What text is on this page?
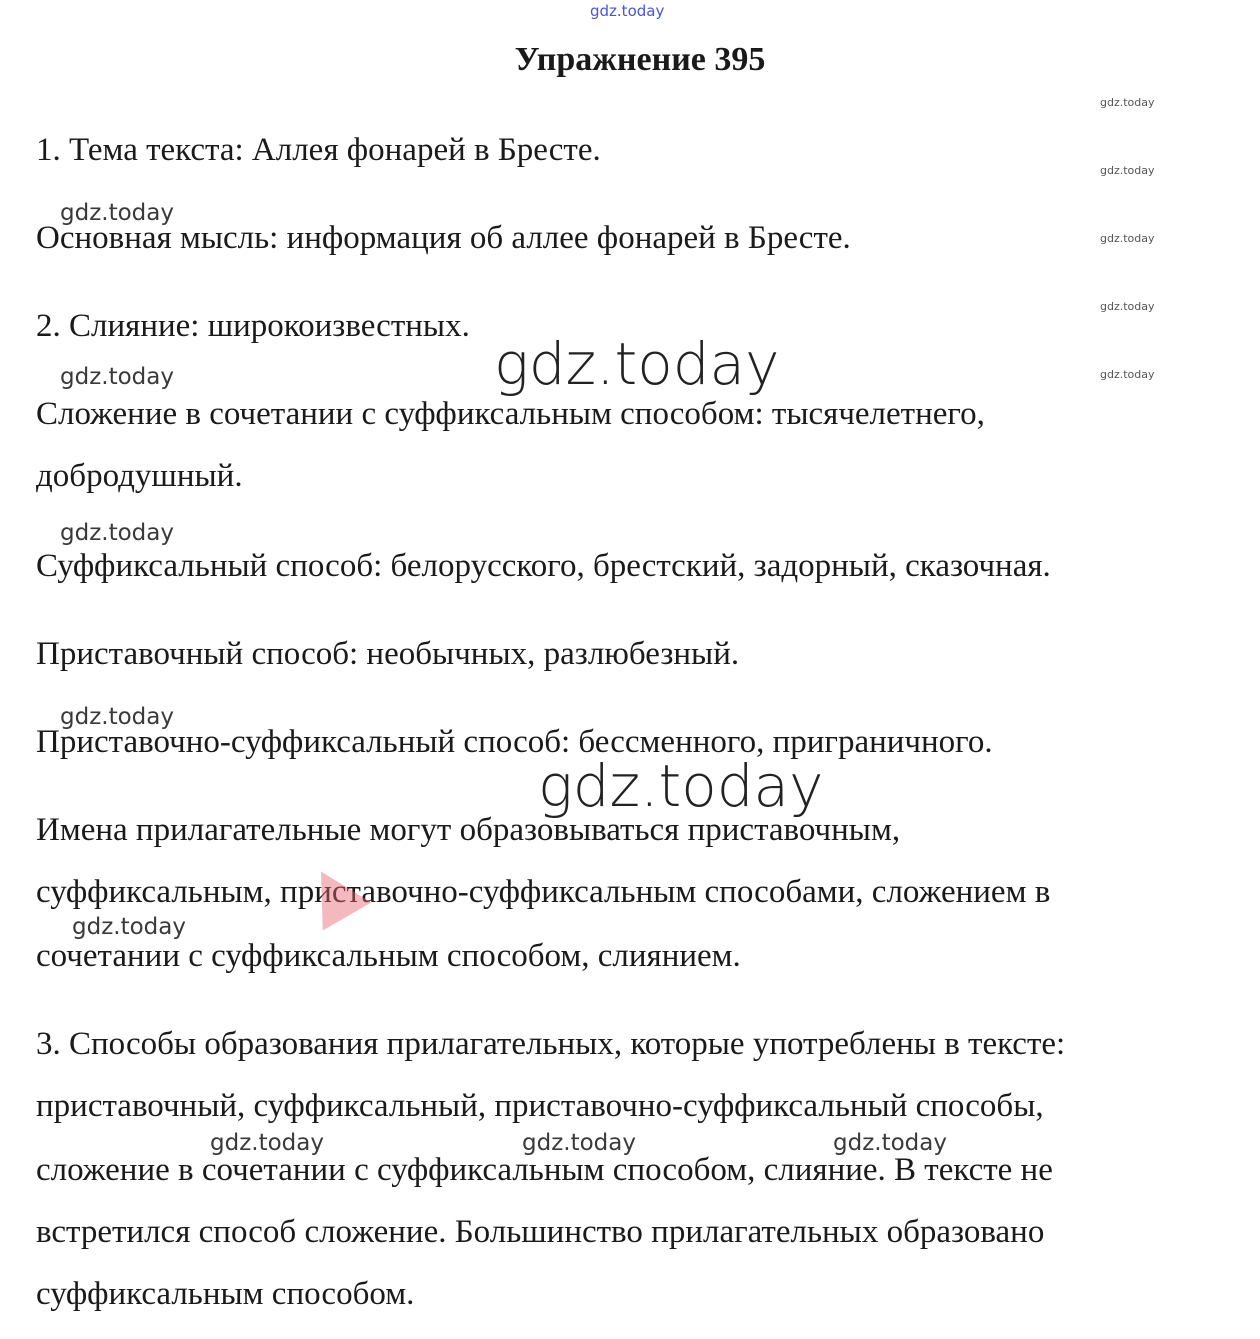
gdz.today
Упражнение 395
1. Тема текста: Аллея фонарей в Бресте.
Основная мысль: информация об аллее фонарей в Бресте.
2. Слияние: широкоизвестных.
Сложение в сочетании с суффиксальным способом: тысячелетнего,
добродушный.
Суффиксальный способ: белорусского, брестский, задорный, сказочная.
Приставочный способ: необычных, разлюбезный.
Приставочно-суффиксальный способ: бессменного, приграничного.
Имена прилагательные могут образовываться приставочным,
суффиксальным, приставочно-суффиксальным способами, сложением в
сочетании с суффиксальным способом, слиянием.
3. Способы образования прилагательных, которые употреблены в тексте:
приставочный, суффиксальный, приставочно-суффиксальный способы,
сложение в сочетании с суффиксальным способом, слияние. В тексте не
встретился способ сложение. Большинство прилагательных образовано
суффиксальным способом.
gdz.today
gdz.today
gdz.today
gdz.today
gdz.today
gdz.today
gdz.today
gdz.today
gdz.today
gdz.today
gdz.today	gdz.today	gdz.today
gdz.today
gdz.today
